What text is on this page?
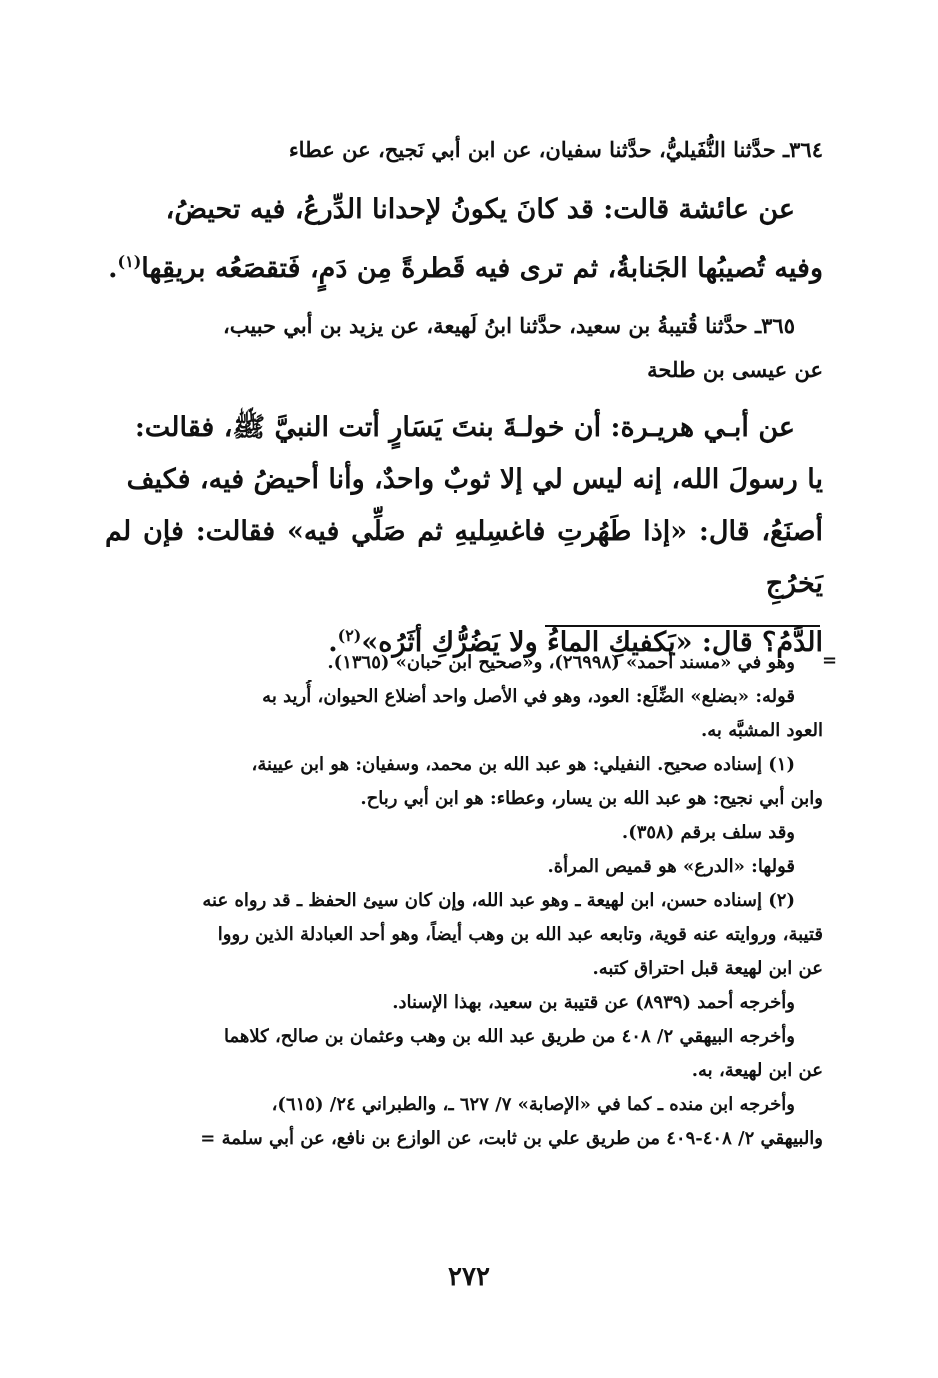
٣٦٤ـ حدَّثنا النُّفَيليُّ، حدَّثنا سفيان، عن ابن أبي نَجيح، عن عطاء
عن عائشة قالت: قد كانَ يكونُ لإحدانا الدِّرعُ، فيه تحيضُ،
وفيه تُصيبُها الجَنابةُ، ثم ترى فيه قَطرةً مِن دَمٍ، فَتقصَعُه بريقِها$^{(١)}$.
٣٦٥ـ حدَّثنا قُتيبةُ بن سعيد، حدَّثنا ابنُ لَهيعة، عن يزيد بن أبي حبيب،
عن عيسى بن طلحة
عن أبـي هريـرة: أن خولـةَ بنتَ يَسَارٍ أتت النبيَّ ﷺ، فقالت:
يا رسولَ الله، إنه ليس لي إلا ثوبٌ واحدٌ، وأنا أحيضُ فيه، فكيف
أصنَعُ، قال: «إذا طَهُرتِ فاغسِليهِ ثم صَلِّي فيه» فقالت: فإن لم يَخرُجِ
الدَّمُ؟ قال: «يَكفيكِ الماءُ ولا يَضُرُّكِ أثَرُه»$^{(٢)}$.
=
وهو في «مسند أحمد» (٢٦٩٩٨)، و«صحيح ابن حبان» (١٣٦٥).
قوله: «بضلع» الضِّلَع: العود، وهو في الأصل واحد أضلاع الحيوان، أُريد به
العود المشبَّه به.
(١) إسناده صحيح. النفيلي: هو عبد الله بن محمد، وسفيان: هو ابن عيينة،
وابن أبي نجيح: هو عبد الله بن يسار، وعطاء: هو ابن أبي رباح.
وقد سلف برقم (٣٥٨).
قولها: «الدرع» هو قميص المرأة.
(٢) إسناده حسن، ابن لهيعة ـ وهو عبد الله، وإن كان سيئ الحفظ ـ قد رواه عنه
قتيبة، وروايته عنه قوية، وتابعه عبد الله بن وهب أيضاً، وهو أحد العبادلة الذين رووا
عن ابن لهيعة قبل احتراق كتبه.
وأخرجه أحمد (٨٩٣٩) عن قتيبة بن سعيد، بهذا الإسناد.
وأخرجه البيهقي ٢/ ٤٠٨ من طريق عبد الله بن وهب وعثمان بن صالح، كلاهما
عن ابن لهيعة، به.
وأخرجه ابن منده ـ كما في «الإصابة» ٧/ ٦٢٧ ـ، والطبراني ٢٤/ (٦١٥)،
والبيهقي ٢/ ٤٠٨-٤٠٩ من طريق علي بن ثابت، عن الوازع بن نافع، عن أبي سلمة =
٢٧٢
